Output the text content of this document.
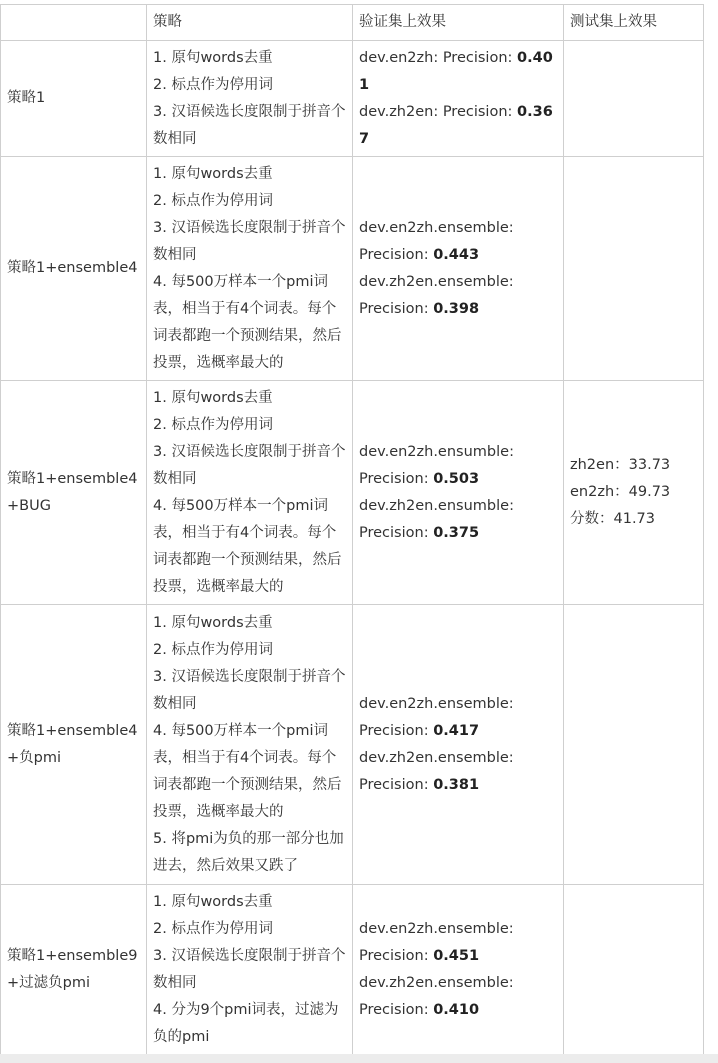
	策略	验证集上效果	测试集上效果
策略1	1. 原句words去重
2. 标点作为停用词
3. 汉语候选长度限制于拼音个数相同	dev.en2zh: Precision: 0.401
dev.zh2en: Precision: 0.367	

策略1+ensemble4	1. 原句words去重
2. 标点作为停用词
3. 汉语候选长度限制于拼音个数相同
4. 每500万样本一个pmi词表，相当于有4个词表。每个词表都跑一个预测结果，然后投票，选概率最大的	dev.en2zh.ensemble:
Precision: 0.443
dev.zh2en.ensemble:
Precision: 0.398	

策略1+ensemble4+BUG	1. 原句words去重
2. 标点作为停用词
3. 汉语候选长度限制于拼音个数相同
4. 每500万样本一个pmi词表，相当于有4个词表。每个词表都跑一个预测结果，然后投票，选概率最大的	dev.en2zh.ensumble:
Precision: 0.503
dev.zh2en.ensumble:
Precision: 0.375	zh2en：33.73
en2zh：49.73
分数：41.73

策略1+ensemble4+负pmi	1. 原句words去重
2. 标点作为停用词
3. 汉语候选长度限制于拼音个数相同
4. 每500万样本一个pmi词表，相当于有4个词表。每个词表都跑一个预测结果，然后投票，选概率最大的
5. 将pmi为负的那一部分也加进去，然后效果又跌了	dev.en2zh.ensemble:
Precision: 0.417
dev.zh2en.ensemble:
Precision: 0.381	

策略1+ensemble9+过滤负pmi	1. 原句words去重
2. 标点作为停用词
3. 汉语候选长度限制于拼音个数相同
4. 分为9个pmi词表，过滤为负的pmi	dev.en2zh.ensemble:
Precision: 0.451
dev.zh2en.ensemble:
Precision: 0.410	
